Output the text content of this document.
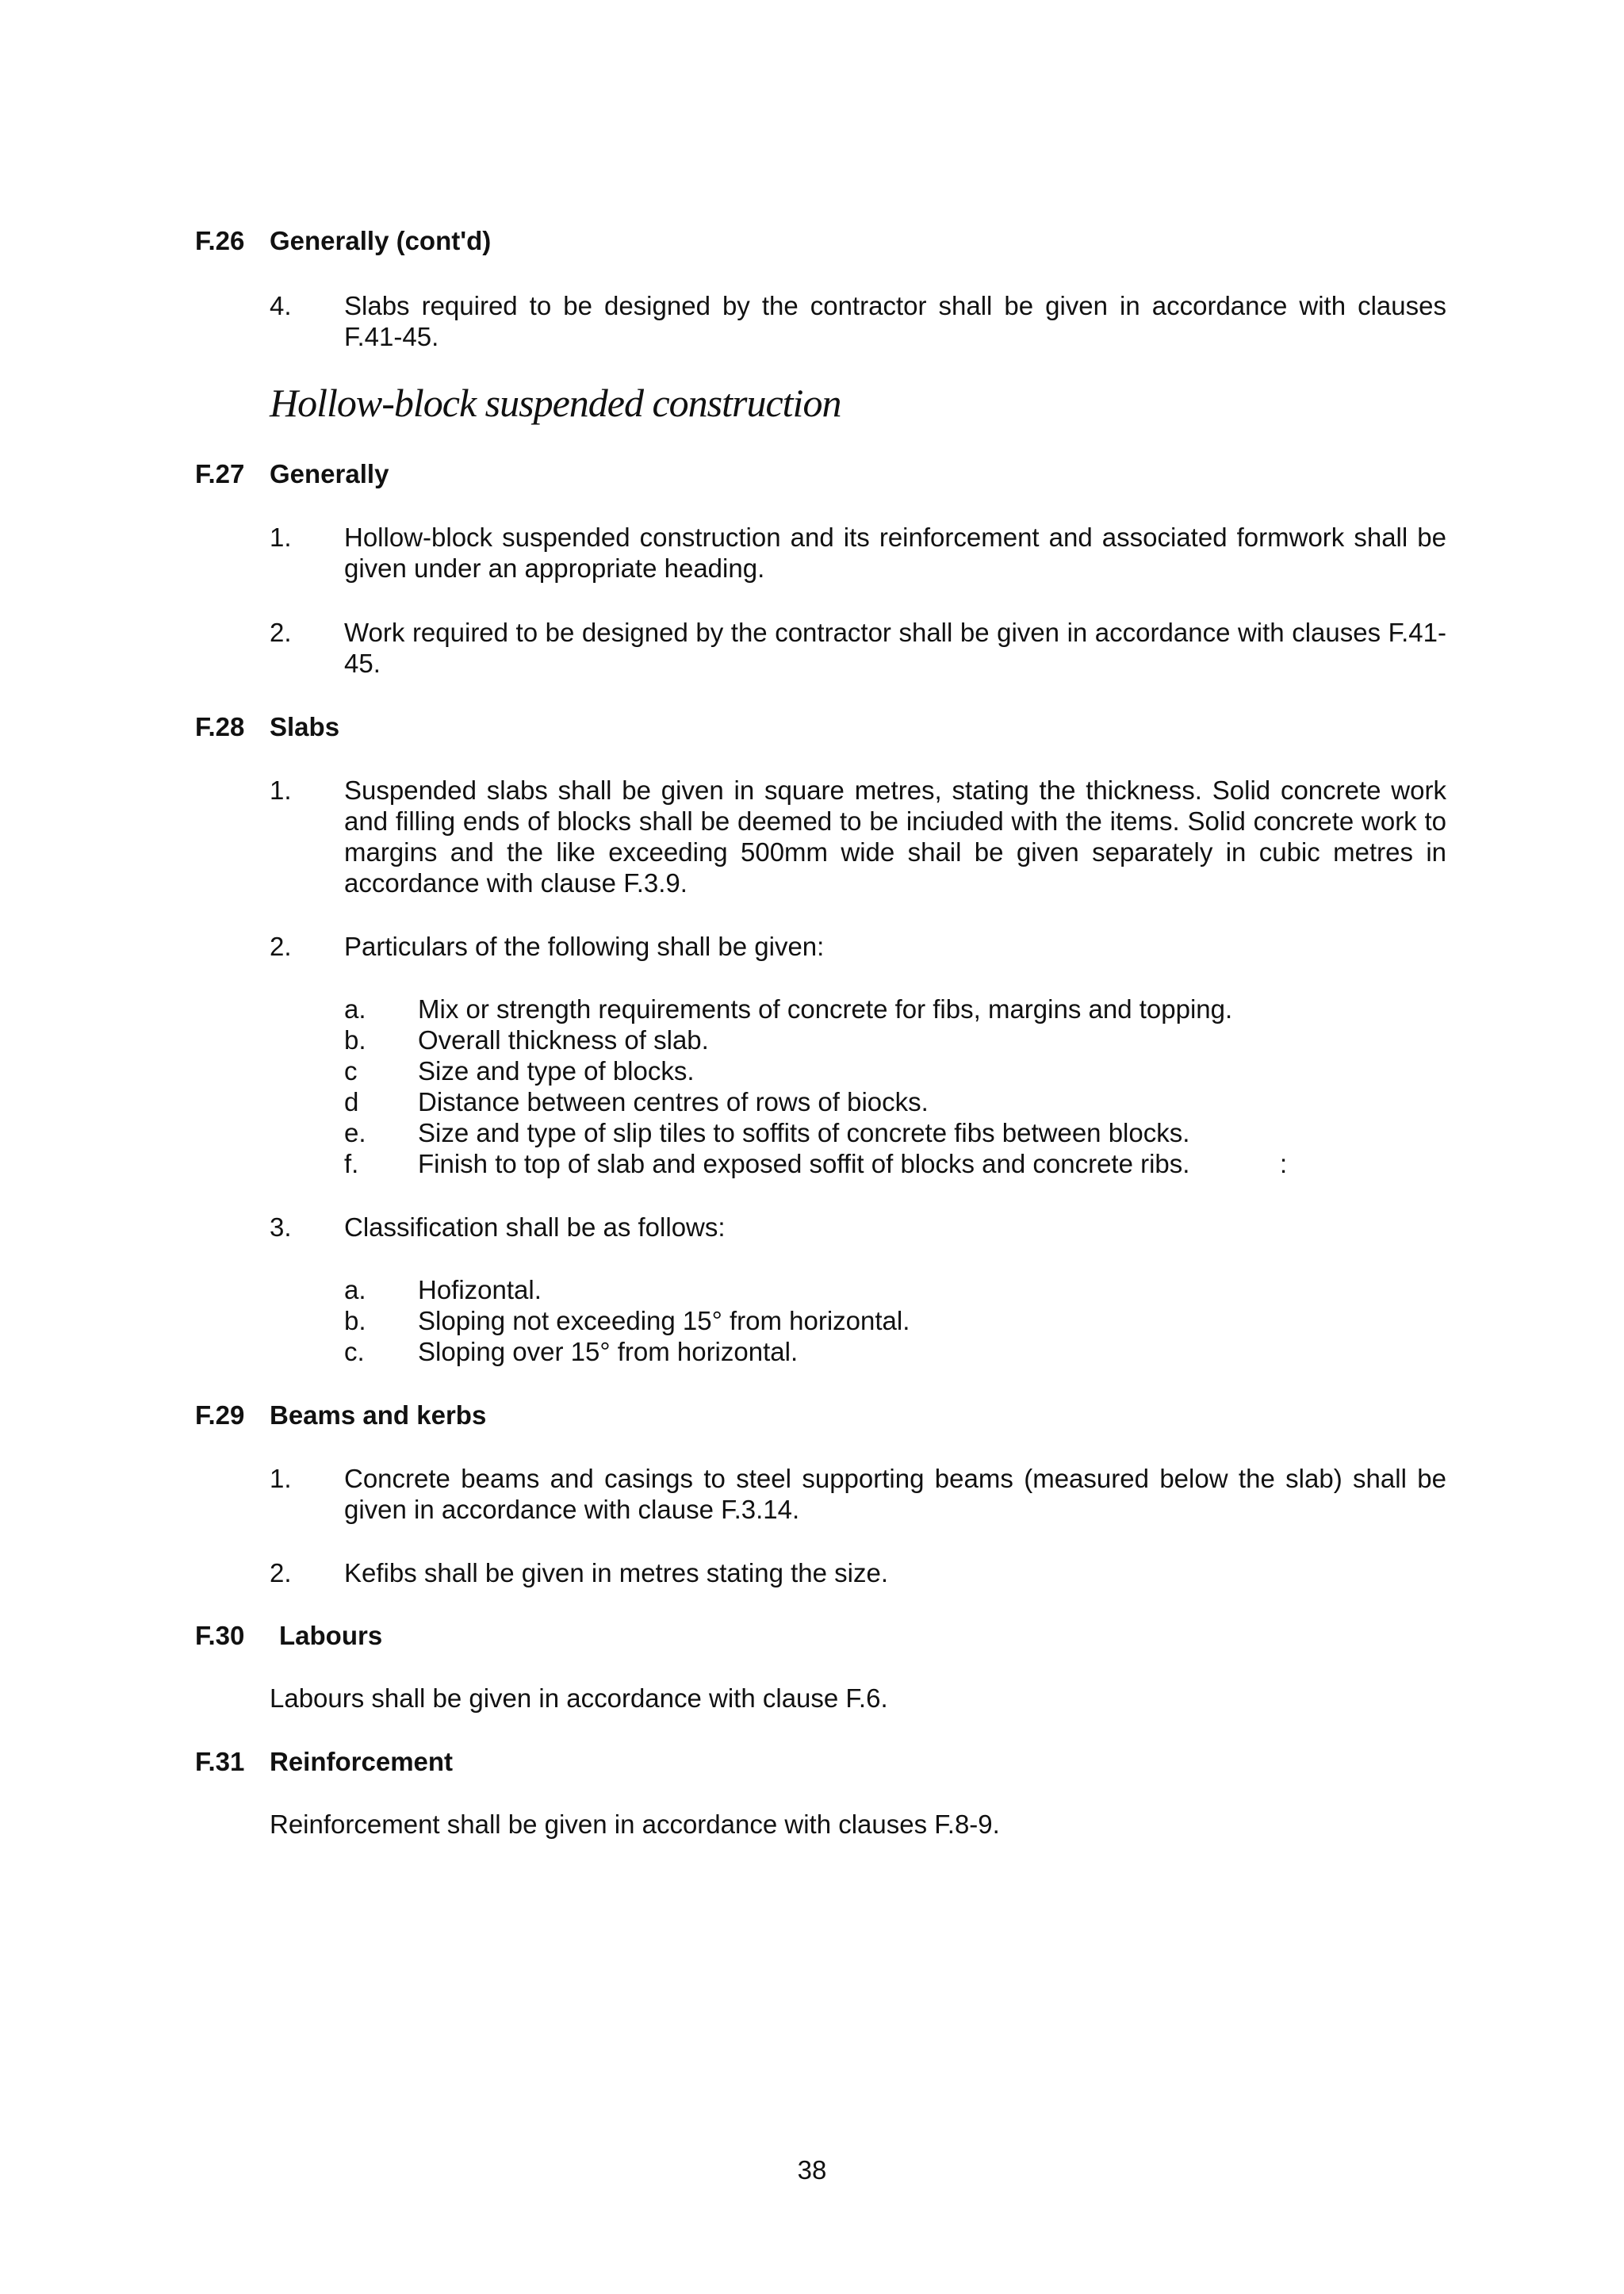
F.26 Generally (cont'd)
4. Slabs required to be designed by the contractor shall be given in accordance with clauses F.41-45.
Hollow-block suspended construction
F.27 Generally
1. Hollow-block suspended construction and its reinforcement and associated formwork shall be given under an appropriate heading.
2. Work required to be designed by the contractor shall be given in accordance with clauses F.41-45.
F.28 Slabs
1. Suspended slabs shall be given in square metres, stating the thickness. Solid concrete work and filling ends of blocks shall be deemed to be inciuded with the items. Solid concrete work to margins and the like exceeding 500mm wide shail be given separately in cubic metres in accordance with clause F.3.9.
2. Particulars of the following shall be given:
a. Mix or strength requirements of concrete for fibs, margins and topping.
b. Overall thickness of slab.
c Size and type of blocks.
d Distance between centres of rows of biocks.
e. Size and type of slip tiles to soffits of concrete fibs between blocks.
f. Finish to top of slab and exposed soffit of blocks and concrete ribs.	:
3. Classification shall be as follows:
a. Hofizontal.
b. Sloping not exceeding 15° from horizontal.
c. Sloping over 15° from horizontal.
F.29 Beams and kerbs
1. Concrete beams and casings to steel supporting beams (measured below the slab) shall be given in accordance with clause F.3.14.
2. Kefibs shall be given in metres stating the size.
F.30 Labours
Labours shall be given in accordance with clause F.6.
F.31 Reinforcement
Reinforcement shall be given in accordance with clauses F.8-9.
38
